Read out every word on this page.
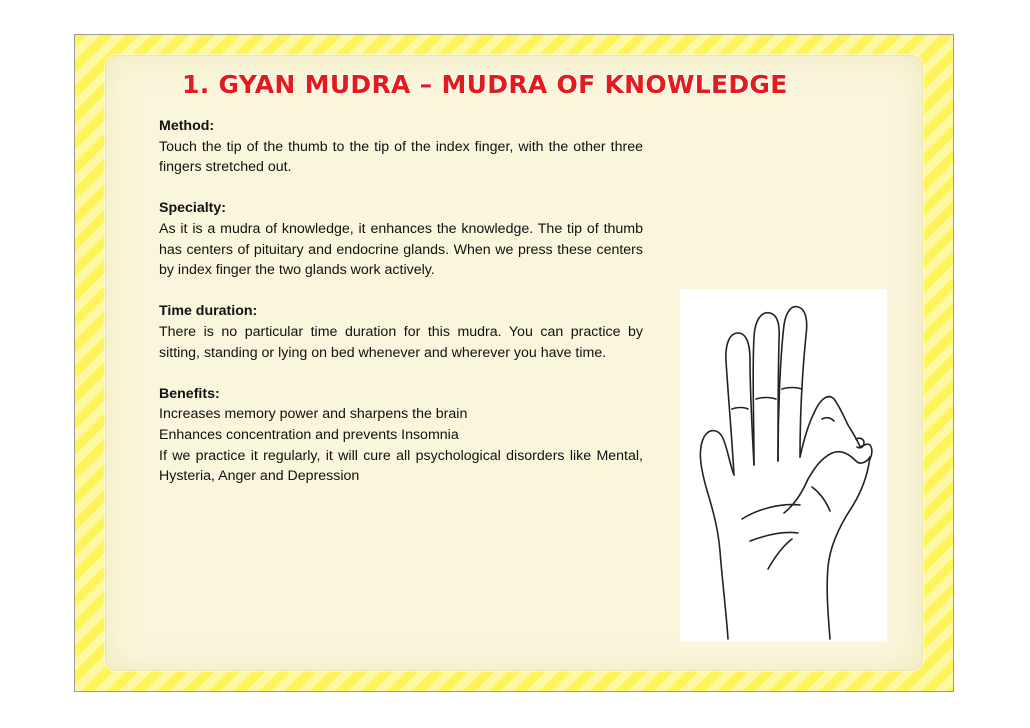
1. GYAN MUDRA – MUDRA OF KNOWLEDGE
Method:
Touch the tip of the thumb to the tip of the index finger, with the other three fingers stretched out.
Specialty:
As it is a mudra of knowledge, it enhances the knowledge. The tip of thumb has centers of pituitary and endocrine glands. When we press these centers by index finger the two glands work actively.
Time duration:
There is no particular time duration for this mudra. You can practice by sitting, standing or lying on bed whenever and wherever you have time.
Benefits:
Increases memory power and sharpens the brain
Enhances concentration and prevents Insomnia
If we practice it regularly, it will cure all psychological disorders like Mental, Hysteria, Anger and Depression
